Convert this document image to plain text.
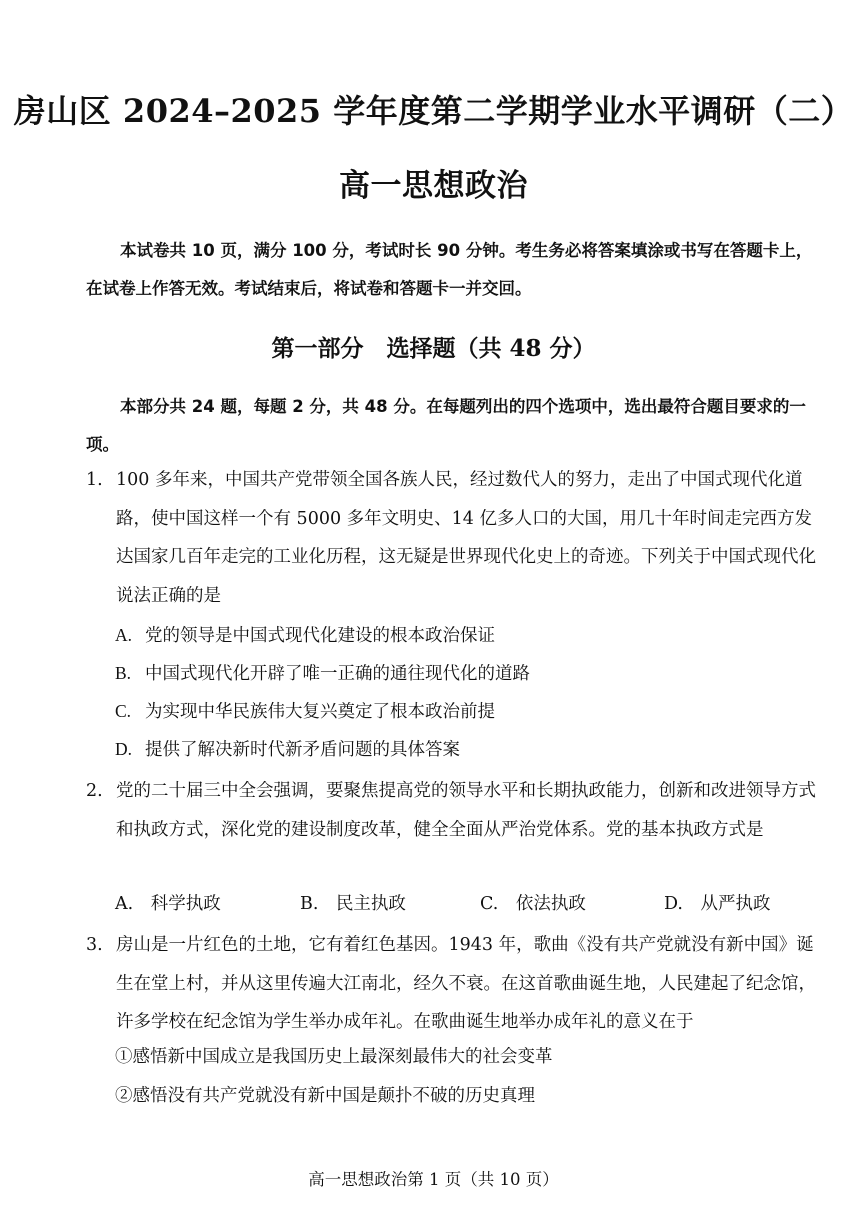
房山区 2024–2025 学年度第二学期学业水平调研（二）
高一思想政治
本试卷共 10 页，满分 100 分，考试时长 90 分钟。考生务必将答案填涂或书写在答题卡上，在试卷上作答无效。考试结束后，将试卷和答题卡一并交回。
第一部分　选择题（共 48 分）
本部分共 24 题，每题 2 分，共 48 分。在每题列出的四个选项中，选出最符合题目要求的一项。
1. 100 多年来，中国共产党带领全国各族人民，经过数代人的努力，走出了中国式现代化道路，使中国这样一个有 5000 多年文明史、14 亿多人口的大国，用几十年时间走完西方发达国家几百年走完的工业化历程，这无疑是世界现代化史上的奇迹。下列关于中国式现代化说法正确的是
A. 党的领导是中国式现代化建设的根本政治保证
B. 中国式现代化开辟了唯一正确的通往现代化的道路
C. 为实现中华民族伟大复兴奠定了根本政治前提
D. 提供了解决新时代新矛盾问题的具体答案
2. 党的二十届三中全会强调，要聚焦提高党的领导水平和长期执政能力，创新和改进领导方式和执政方式，深化党的建设制度改革，健全全面从严治党体系。党的基本执政方式是
A.　 科学执政	B.　 民主执政	C.　 依法执政	D.　 从严执政
3. 房山是一片红色的土地，它有着红色基因。1943 年，歌曲《没有共产党就没有新中国》诞生在堂上村，并从这里传遍大江南北，经久不衰。在这首歌曲诞生地，人民建起了纪念馆，许多学校在纪念馆为学生举办成年礼。在歌曲诞生地举办成年礼的意义在于
①感悟新中国成立是我国历史上最深刻最伟大的社会变革
②感悟没有共产党就没有新中国是颠扑不破的历史真理
高一思想政治第 1 页（共 10 页）
